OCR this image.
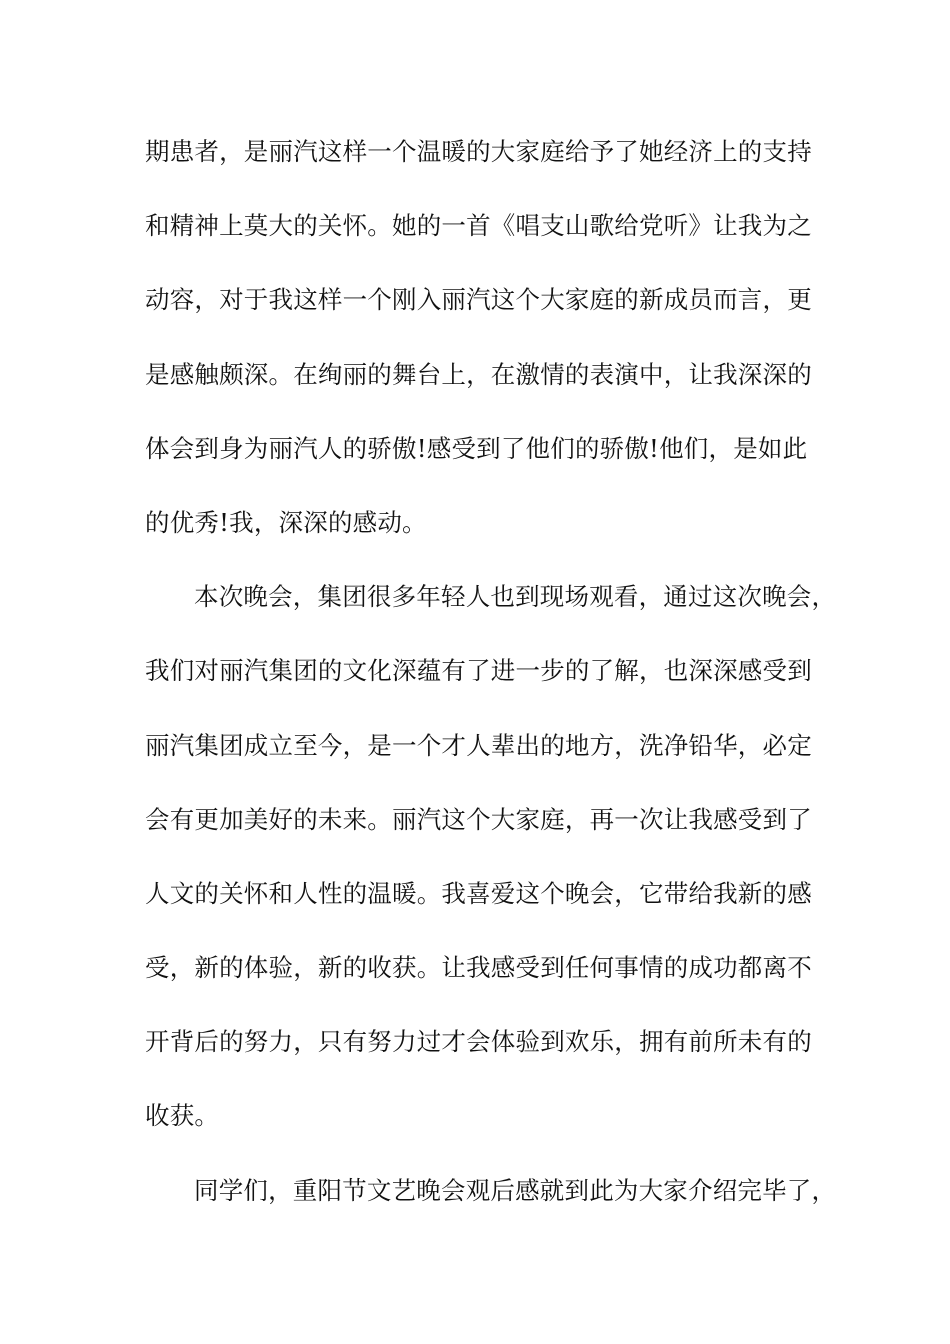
期患者，是丽汽这样一个温暖的大家庭给予了她经济上的支持
和精神上莫大的关怀。她的一首《唱支山歌给党听》让我为之
动容，对于我这样一个刚入丽汽这个大家庭的新成员而言，更
是感触颇深。在绚丽的舞台上，在激情的表演中，让我深深的
体会到身为丽汽人的骄傲!感受到了他们的骄傲!他们，是如此
的优秀!我，深深的感动。
本次晚会，集团很多年轻人也到现场观看，通过这次晚会，
我们对丽汽集团的文化深蕴有了进一步的了解，也深深感受到
丽汽集团成立至今，是一个才人辈出的地方，洗净铅华，必定
会有更加美好的未来。丽汽这个大家庭，再一次让我感受到了
人文的关怀和人性的温暖。我喜爱这个晚会，它带给我新的感
受，新的体验，新的收获。让我感受到任何事情的成功都离不
开背后的努力，只有努力过才会体验到欢乐，拥有前所未有的
收获。
同学们，重阳节文艺晚会观后感就到此为大家介绍完毕了，
